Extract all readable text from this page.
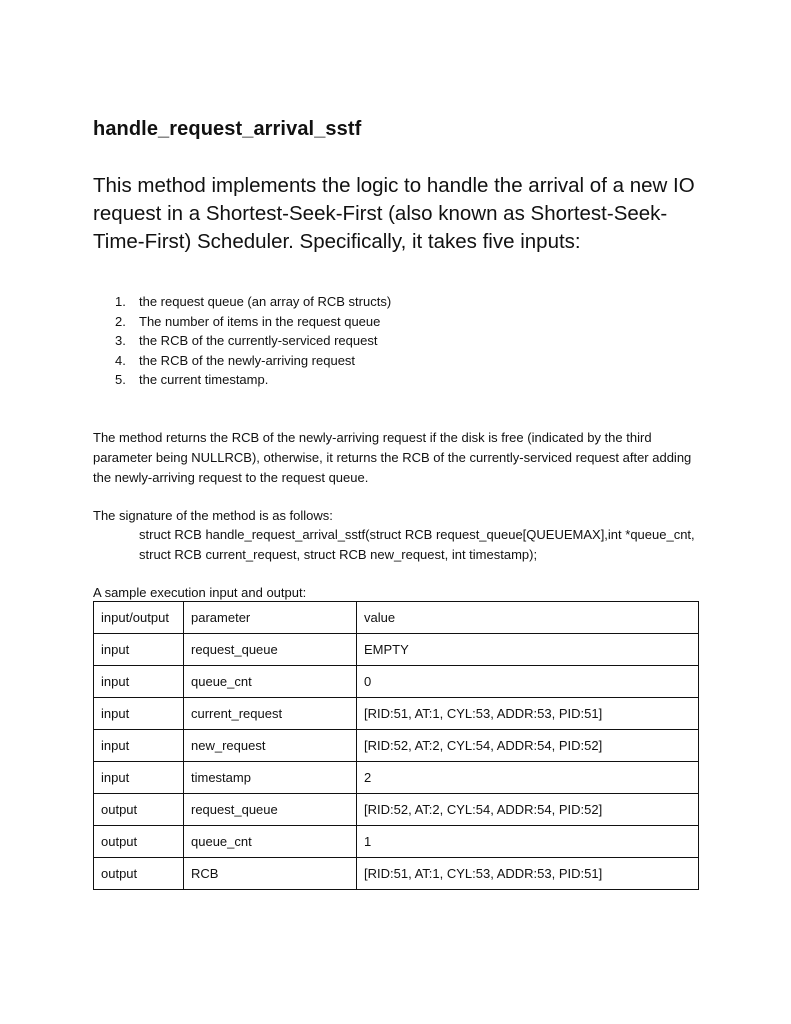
handle_request_arrival_sstf

This method implements the logic to handle the arrival of a new IO request in a Shortest-Seek-First (also known as Shortest-Seek-Time-First) Scheduler. Specifically, it takes five inputs:

1.	the request queue (an array of RCB structs)
2.	The number of items in the request queue
3.	the RCB of the currently-serviced request
4.	the RCB of the newly-arriving request
5.	the current timestamp.

The method returns the RCB of the newly-arriving request if the disk is free (indicated by the third parameter being NULLRCB), otherwise, it returns the RCB of the currently-serviced request after adding the newly-arriving request to the request queue.

The signature of the method is as follows:

struct RCB handle_request_arrival_sstf(struct RCB request_queue[QUEUEMAX],int *queue_cnt, struct RCB current_request, struct RCB new_request, int timestamp);

A sample execution input and output:

input/output	parameter	value
input	request_queue	EMPTY
input	queue_cnt	0
input	current_request	[RID:51, AT:1, CYL:53, ADDR:53, PID:51]
input	new_request	[RID:52, AT:2, CYL:54, ADDR:54, PID:52]
input	timestamp	2
output	request_queue	[RID:52, AT:2, CYL:54, ADDR:54, PID:52]
output	queue_cnt	1
output	RCB	[RID:51, AT:1, CYL:53, ADDR:53, PID:51]
